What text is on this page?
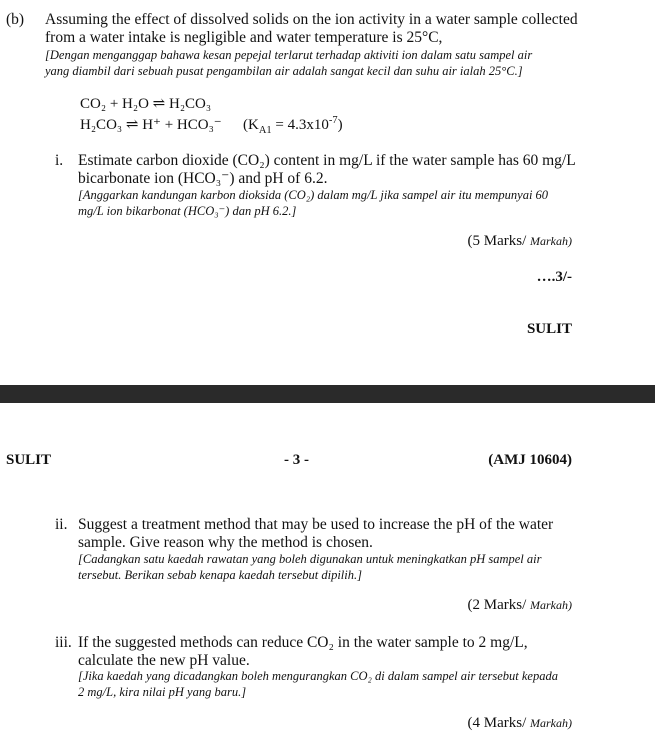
(b) Assuming the effect of dissolved solids on the ion activity in a water sample collected
from a water intake is negligible and water temperature is 25°C,
[Dengan menganggap bahawa kesan pepejal terlarut terhadap aktiviti ion dalam satu sampel air
yang diambil dari sebuah pusat pengambilan air adalah sangat kecil dan suhu air ialah 25°C.]
CO₂ + H₂O ⇌ H₂CO₃
H₂CO₃ ⇌ H⁺ + HCO₃⁻ $(K_{A1} = 4.3x10^{-7})$
i. Estimate carbon dioxide (CO₂) content in mg/L if the water sample has 60 mg/L
bicarbonate ion (HCO₃⁻) and pH of 6.2.
[Anggarkan kandungan karbon dioksida (CO₂) dalam mg/L jika sampel air itu mempunyai 60
mg/L ion bikarbonat (HCO₃⁻) dan pH 6.2.]
(5 Marks/ Markah)
….3/-
SULIT
SULIT	- 3 -	(AMJ 10604)
ii. Suggest a treatment method that may be used to increase the pH of the water
sample. Give reason why the method is chosen.
[Cadangkan satu kaedah rawatan yang boleh digunakan untuk meningkatkan pH sampel air
tersebut. Berikan sebab kenapa kaedah tersebut dipilih.]
(2 Marks/ Markah)
iii. If the suggested methods can reduce CO₂ in the water sample to 2 mg/L,
calculate the new pH value.
[Jika kaedah yang dicadangkan boleh mengurangkan CO₂ di dalam sampel air tersebut kepada
2 mg/L, kira nilai pH yang baru.]
(4 Marks/ Markah)
